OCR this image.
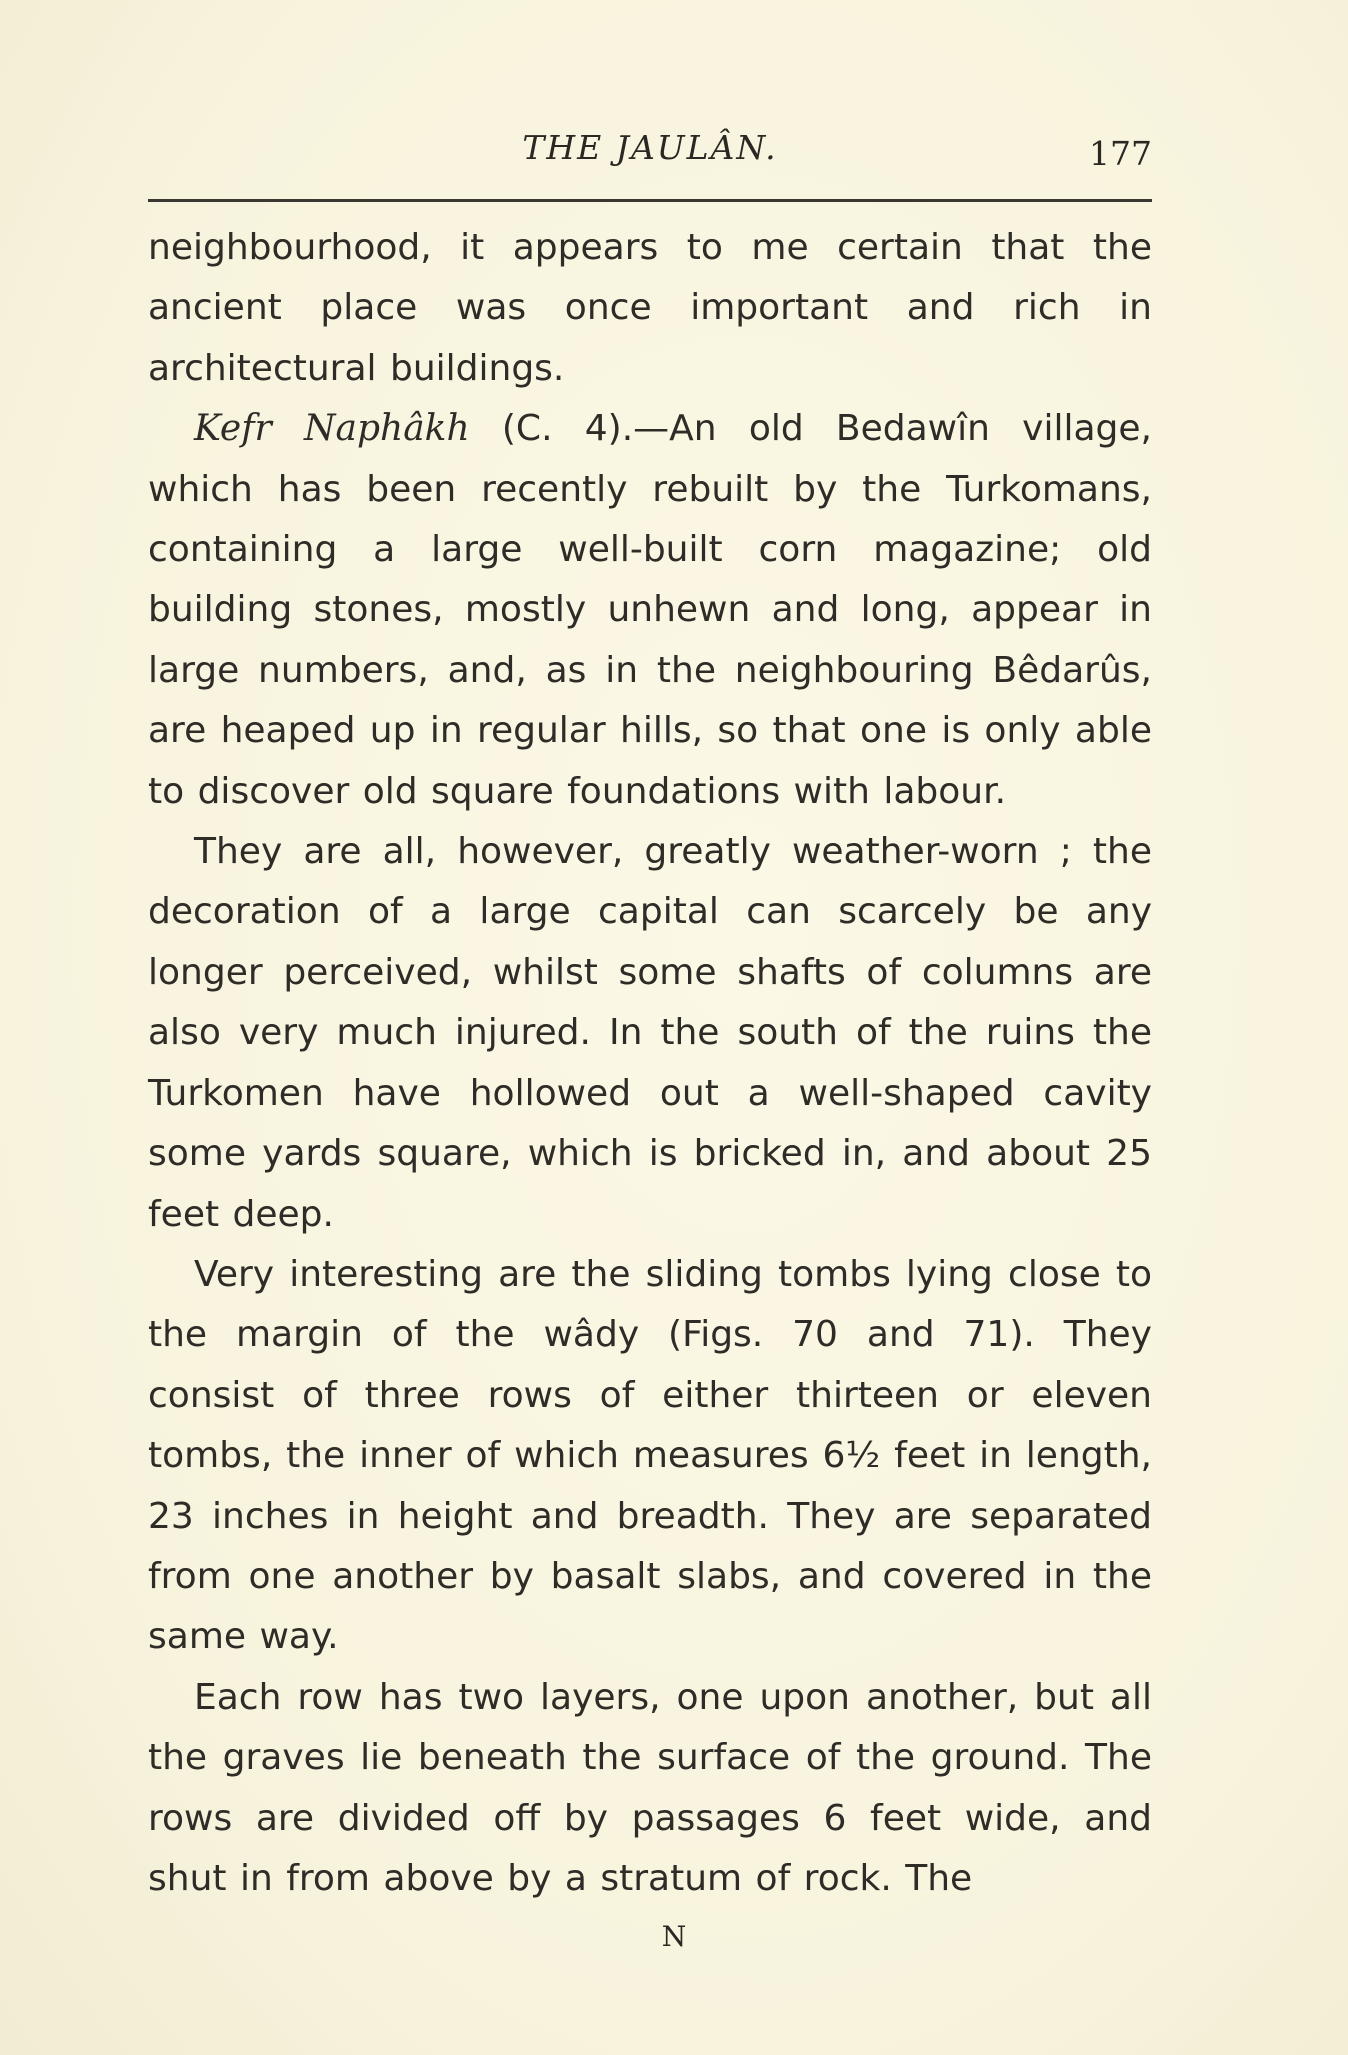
THE JAULÂN.	177

neighbourhood, it appears to me certain that the ancient place was once important and rich in architectural buildings.

Kefr Naphâkh (C. 4).—An old Bedawîn village, which has been recently rebuilt by the Turkomans, containing a large well-built corn magazine; old building stones, mostly unhewn and long, appear in large numbers, and, as in the neighbouring Bêdarûs, are heaped up in regular hills, so that one is only able to discover old square foundations with labour.

They are all, however, greatly weather-worn ; the decoration of a large capital can scarcely be any longer perceived, whilst some shafts of columns are also very much injured. In the south of the ruins the Turkomen have hollowed out a well-shaped cavity some yards square, which is bricked in, and about 25 feet deep.

Very interesting are the sliding tombs lying close to the margin of the wâdy (Figs. 70 and 71). They consist of three rows of either thirteen or eleven tombs, the inner of which measures 6½ feet in length, 23 inches in height and breadth. They are separated from one another by basalt slabs, and covered in the same way.

Each row has two layers, one upon another, but all the graves lie beneath the surface of the ground. The rows are divided off by passages 6 feet wide, and shut in from above by a stratum of rock. The

N
